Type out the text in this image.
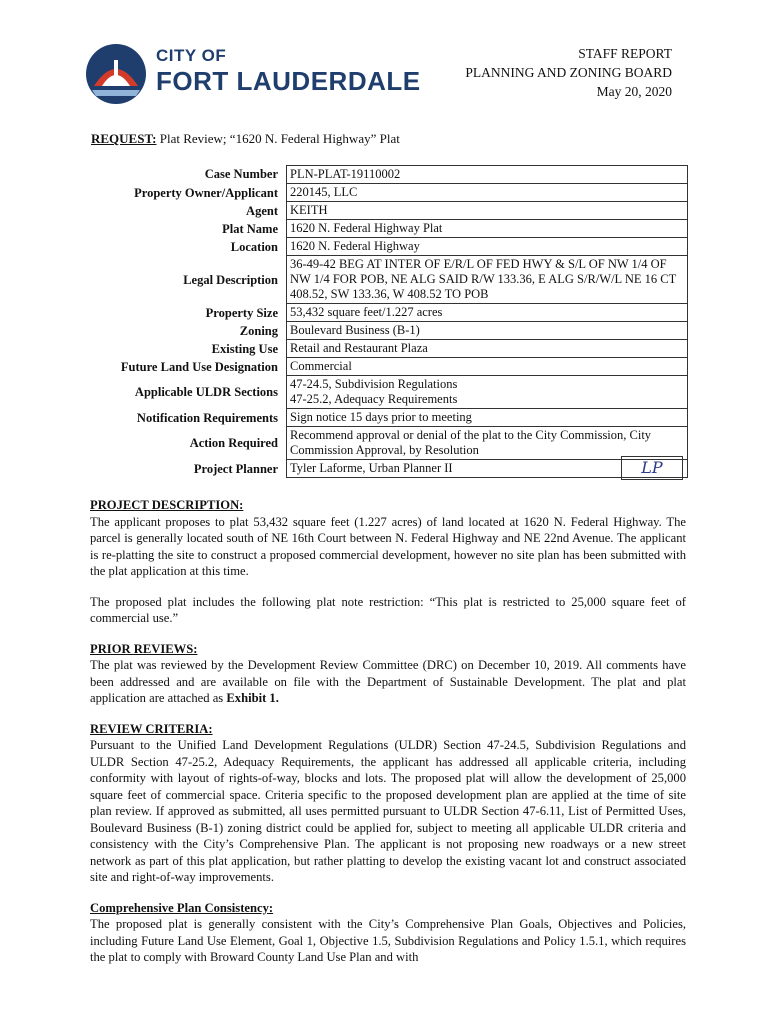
CITY OF
FORT LAUDERDALE
STAFF REPORT
PLANNING AND ZONING BOARD
May 20, 2020
REQUEST: Plat Review; “1620 N. Federal Highway” Plat
Case Number PLN-PLAT-19110002
Property Owner/Applicant 220145, LLC
Agent KEITH
Plat Name 1620 N. Federal Highway Plat
Location 1620 N. Federal Highway
Legal Description
36-49-42 BEG AT INTER OF E/R/L OF FED HWY & S/L OF NW 1/4 OF NW 1/4 FOR POB, NE ALG SAID R/W 133.36, E ALG S/R/W/L NE 16 CT 408.52, SW 133.36, W 408.52 TO POB
Property Size 53,432 square feet/1.227 acres
Zoning Boulevard Business (B-1)
Existing Use Retail and Restaurant Plaza
Future Land Use Designation Commercial
Applicable ULDR Sections
47-24.5, Subdivision Regulations
47-25.2, Adequacy Requirements
Notification Requirements Sign notice 15 days prior to meeting
Action Required
Recommend approval or denial of the plat to the City Commission, City Commission Approval, by Resolution
Project Planner Tyler Laforme, Urban Planner II	LP
PROJECT DESCRIPTION:

The applicant proposes to plat 53,432 square feet (1.227 acres) of land located at 1620 N. Federal Highway. The parcel is generally located south of NE 16th Court between N. Federal Highway and NE 22nd Avenue. The applicant is re-platting the site to construct a proposed commercial development, however no site plan has been submitted with the plat application at this time.

The proposed plat includes the following plat note restriction: “This plat is restricted to 25,000 square feet of commercial use.”

PRIOR REVIEWS:

The plat was reviewed by the Development Review Committee (DRC) on December 10, 2019. All comments have been addressed and are available on file with the Department of Sustainable Development. The plat and plat application are attached as Exhibit 1.

REVIEW CRITERIA:

Pursuant to the Unified Land Development Regulations (ULDR) Section 47-24.5, Subdivision Regulations and ULDR Section 47-25.2, Adequacy Requirements, the applicant has addressed all applicable criteria, including conformity with layout of rights-of-way, blocks and lots. The proposed plat will allow the development of 25,000 square feet of commercial space. Criteria specific to the proposed development plan are applied at the time of site plan review. If approved as submitted, all uses permitted pursuant to ULDR Section 47-6.11, List of Permitted Uses, Boulevard Business (B-1) zoning district could be applied for, subject to meeting all applicable ULDR criteria and consistency with the City’s Comprehensive Plan. The applicant is not proposing new roadways or a new street network as part of this plat application, but rather platting to develop the existing vacant lot and construct associated site and right-of-way improvements.

Comprehensive Plan Consistency:

The proposed plat is generally consistent with the City’s Comprehensive Plan Goals, Objectives and Policies, including Future Land Use Element, Goal 1, Objective 1.5, Subdivision Regulations and Policy 1.5.1, which requires the plat to comply with Broward County Land Use Plan and with
